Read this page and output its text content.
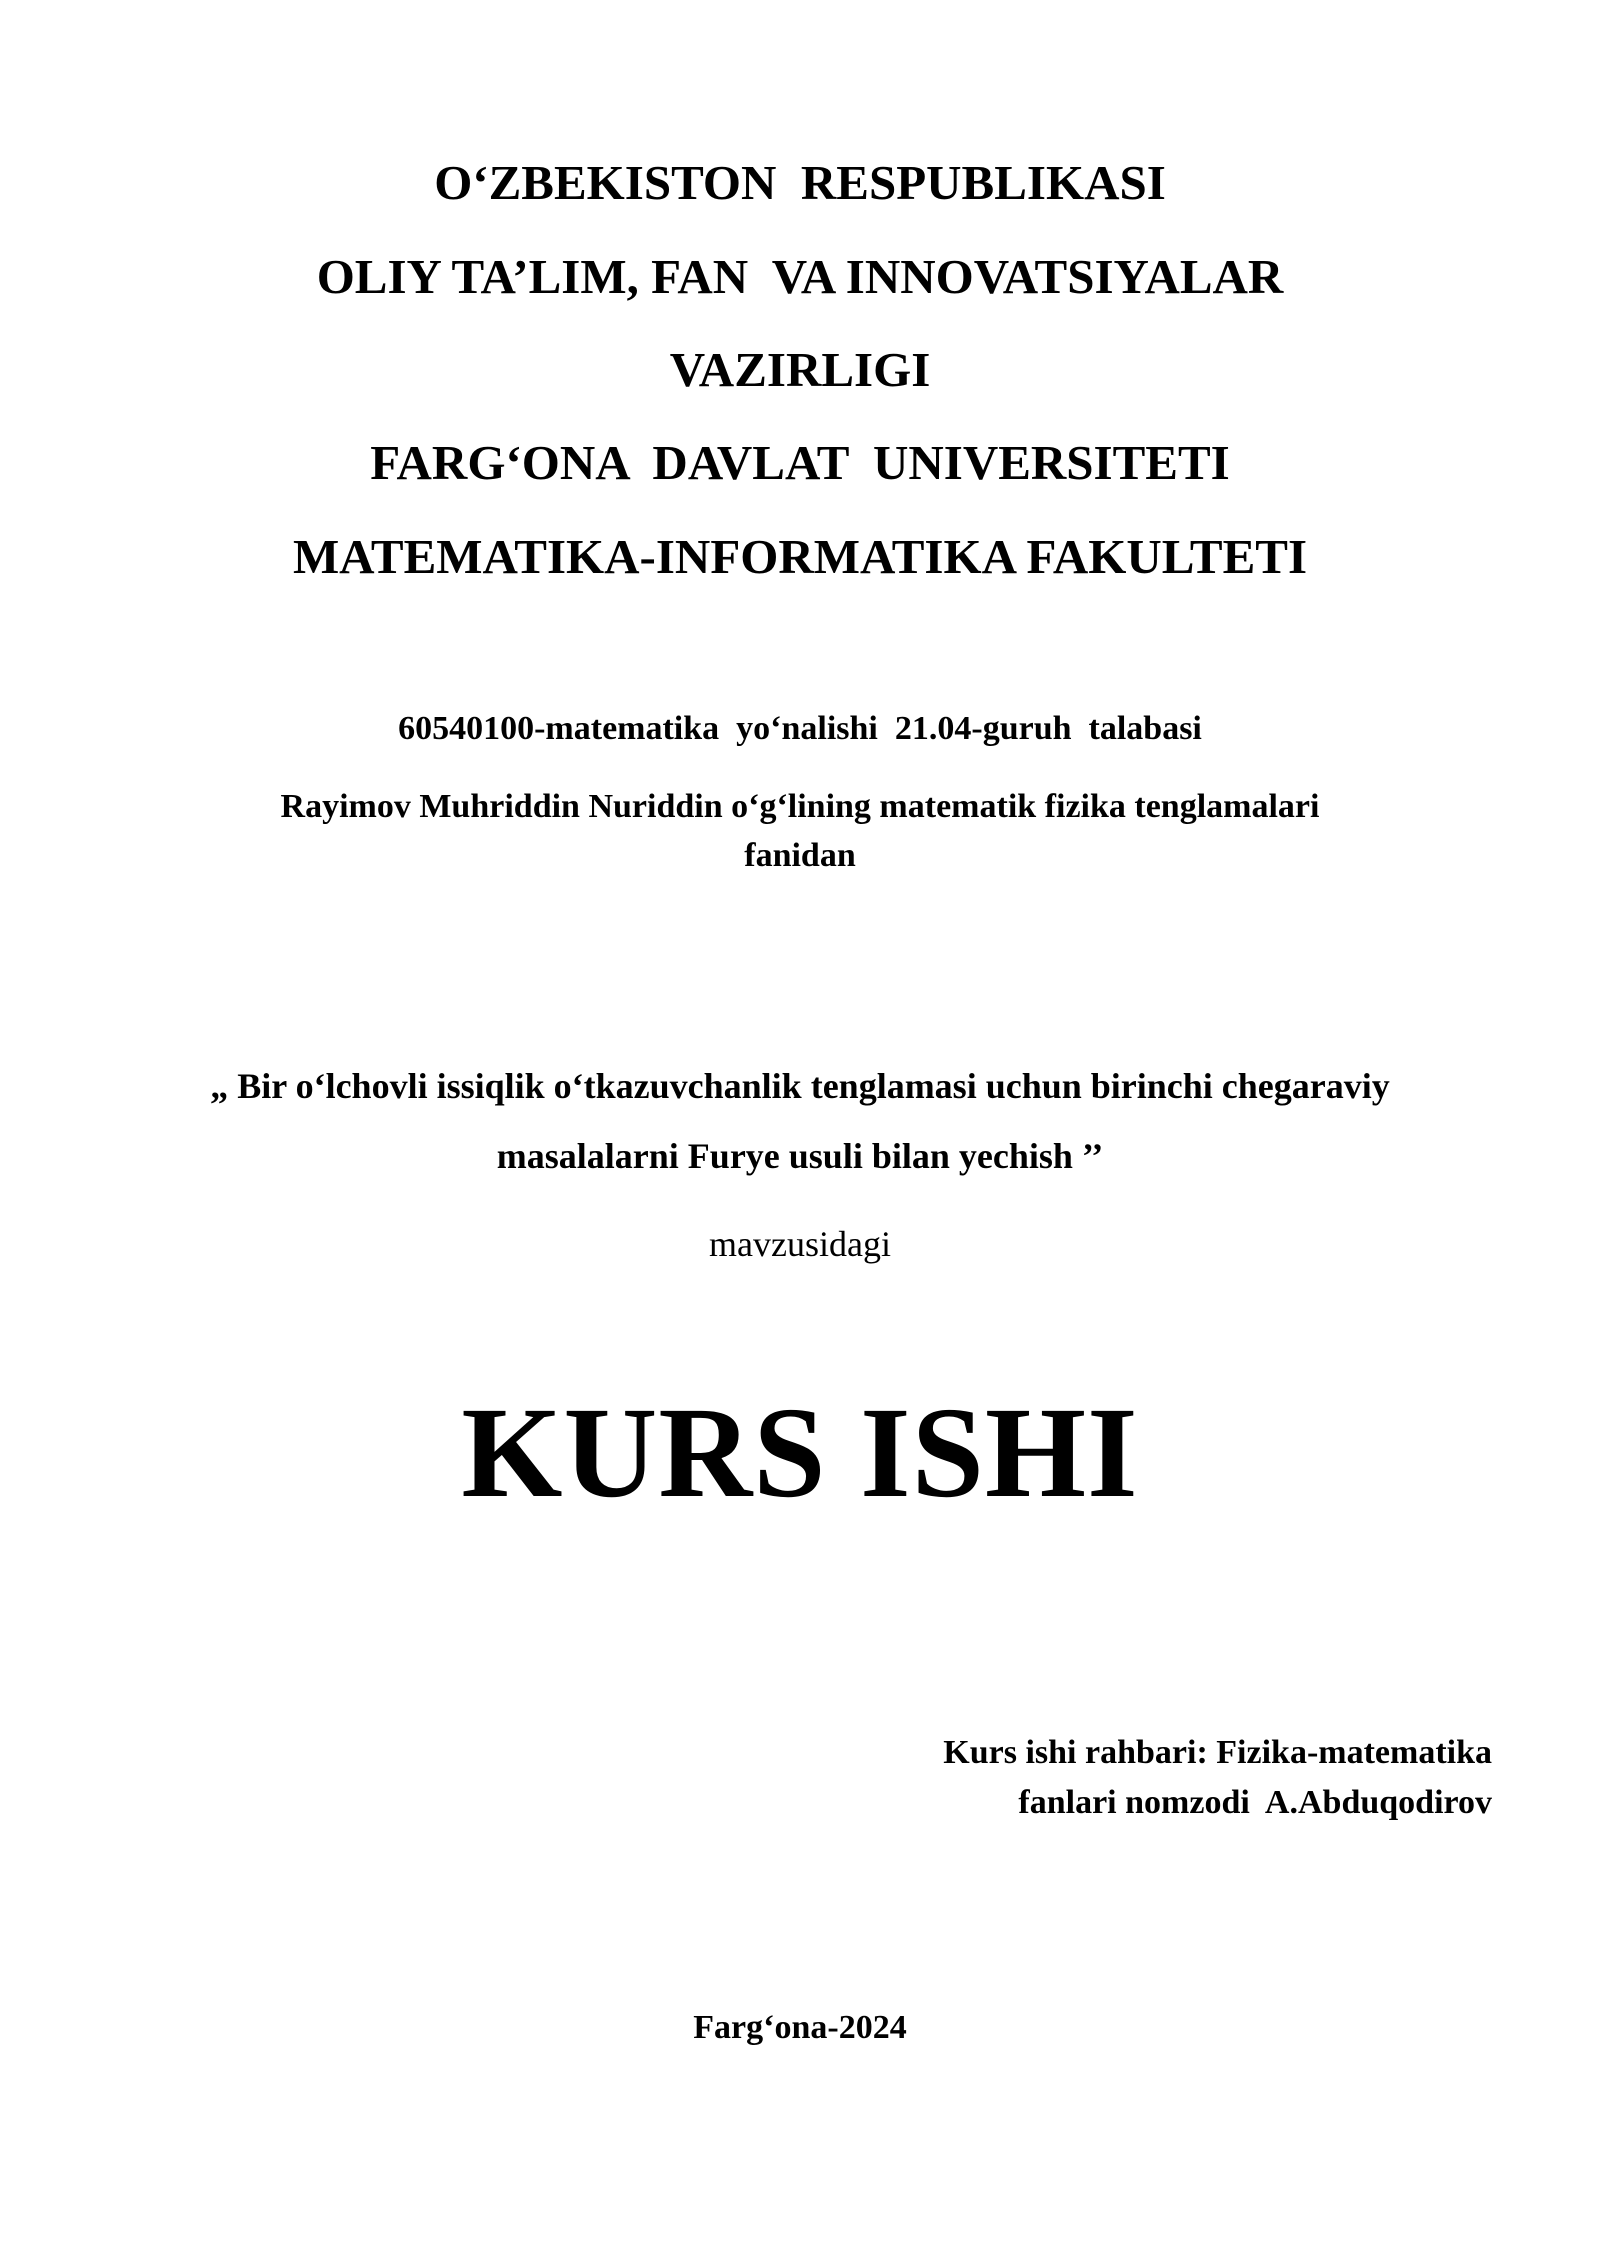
O‘ZBEKISTON  RESPUBLIKASI
OLIY TA’LIM, FAN  VA INNOVATSIYALAR
VAZIRLIGI
FARG‘ONA  DAVLAT  UNIVERSITETI
MATEMATIKA-INFORMATIKA FAKULTETI
60540100-matematika  yo‘nalishi  21.04-guruh  talabasi
Rayimov Muhriddin Nuriddin o‘g‘lining matematik fizika tenglamalari
fanidan
„ Bir o‘lchovli issiqlik o‘tkazuvchanlik tenglamasi uchun birinchi chegaraviy
masalalarni Furye usuli bilan yechish ’’
mavzusidagi
KURS ISHI
Kurs ishi rahbari: Fizika-matematika
fanlari nomzodi  A.Abduqodirov
Farg‘ona-2024
